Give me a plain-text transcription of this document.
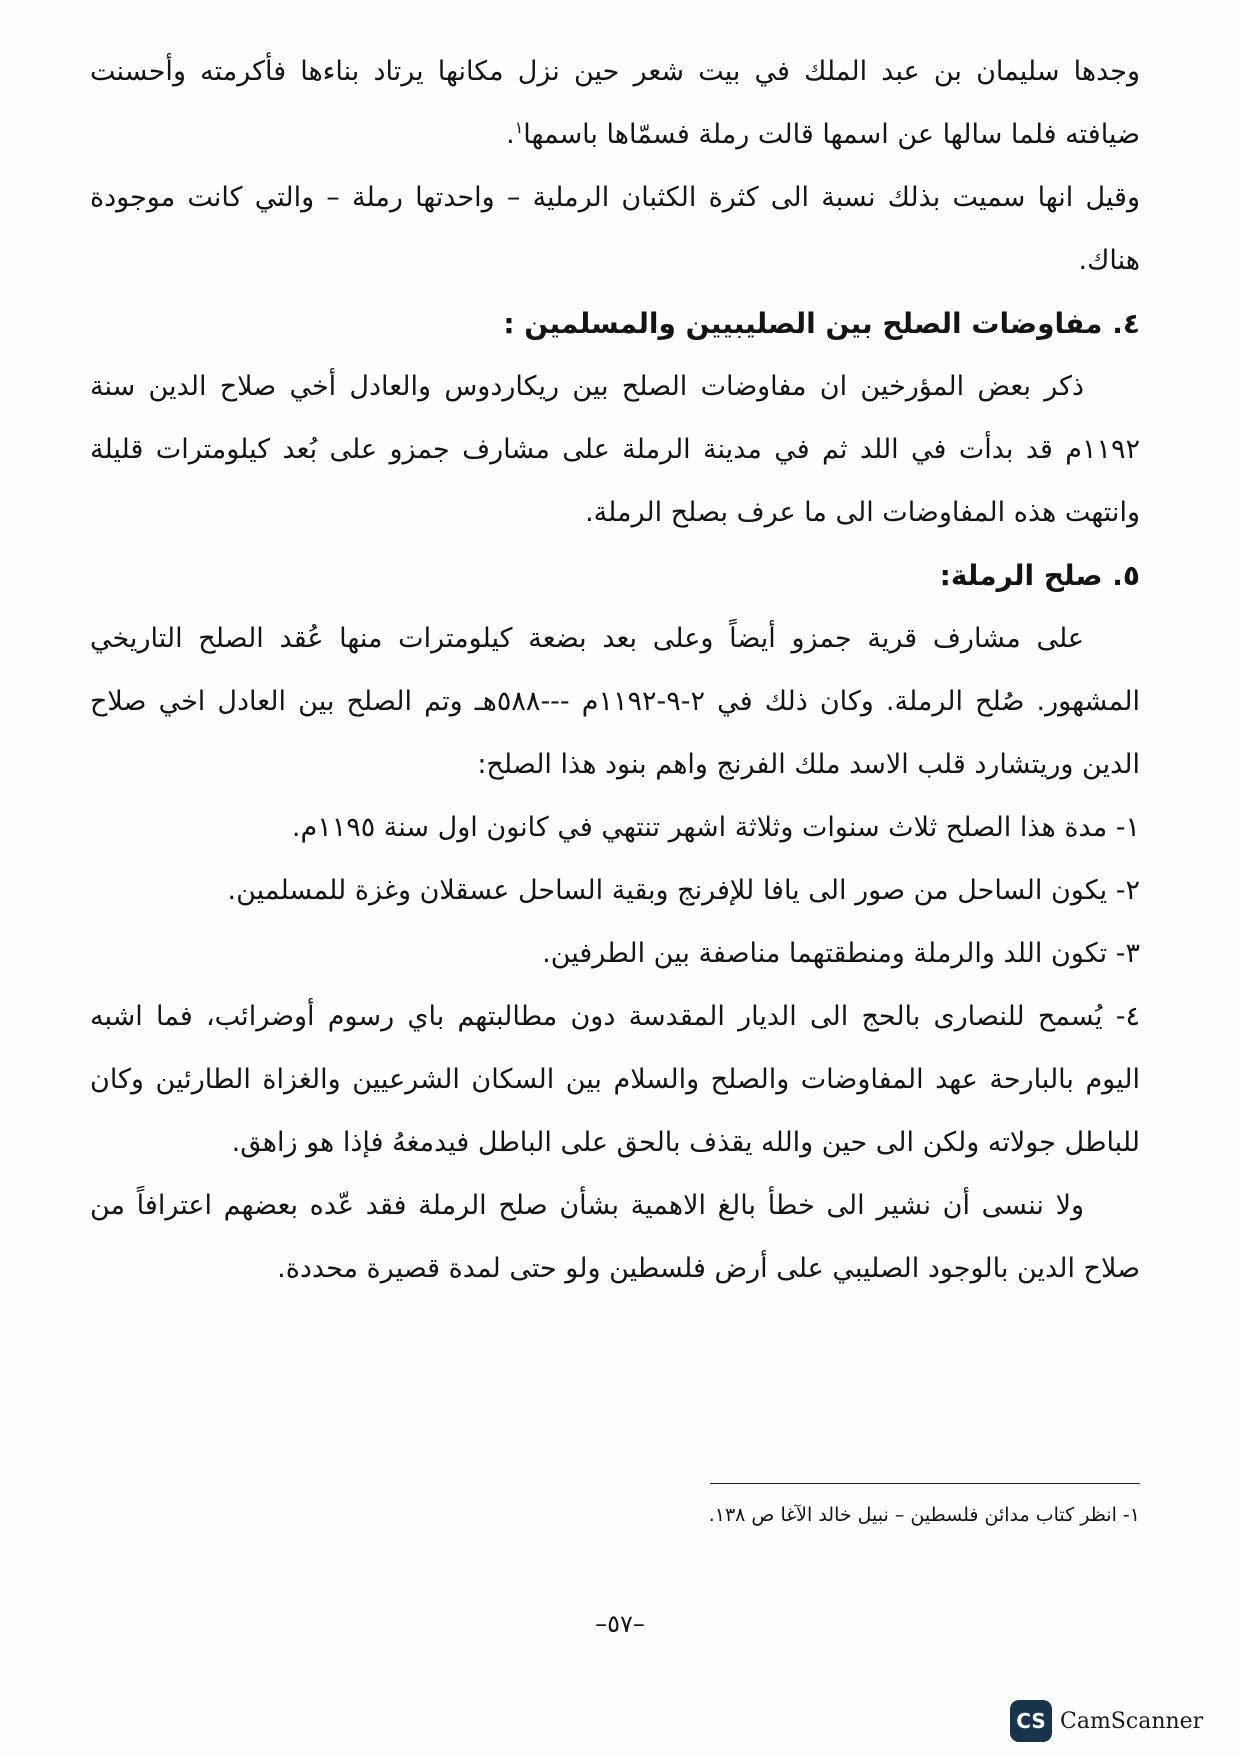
وجدها سليمان بن عبد الملك في بيت شعر حين نزل مكانها يرتاد بناءها فأكرمته وأحسنت ضيافته فلما سالها عن اسمها قالت رملة فسمّاها باسمها$^١$.

وقيل انها سميت بذلك نسبة الى كثرة الكثبان الرملية – واحدتها رملة – والتي كانت موجودة هناك.

٤. مفاوضات الصلح بين الصليبيين والمسلمين :

ذكر بعض المؤرخين ان مفاوضات الصلح بين ريكاردوس والعادل أخي صلاح الدين سنة ١١٩٢م قد بدأت في اللد ثم في مدينة الرملة على مشارف جمزو على بُعد كيلومترات قليلة وانتهت هذه المفاوضات الى ما عرف بصلح الرملة.

٥. صلح الرملة:

على مشارف قرية جمزو أيضاً وعلى بعد بضعة كيلومترات منها عُقد الصلح التاريخي المشهور. صُلح الرملة. وكان ذلك في ٢-٩-١١٩٢م ---٥٨٨هـ وتم الصلح بين العادل اخي صلاح الدين وريتشارد قلب الاسد ملك الفرنج واهم بنود هذا الصلح:

١- مدة هذا الصلح ثلاث سنوات وثلاثة اشهر تنتهي في كانون اول سنة ١١٩٥م.

٢- يكون الساحل من صور الى يافا للإفرنج وبقية الساحل عسقلان وغزة للمسلمين.

٣- تكون اللد والرملة ومنطقتهما مناصفة بين الطرفين.

٤- يُسمح للنصارى بالحج الى الديار المقدسة دون مطالبتهم باي رسوم أوضرائب، فما اشبه اليوم بالبارحة عهد المفاوضات والصلح والسلام بين السكان الشرعيين والغزاة الطارئين وكان للباطل جولاته ولكن الى حين والله يقذف بالحق على الباطل فيدمغهُ فإذا هو زاهق.

ولا ننسى أن نشير الى خطأ بالغ الاهمية بشأن صلح الرملة فقد عّده بعضهم اعترافاً من صلاح الدين بالوجود الصليبي على أرض فلسطين ولو حتى لمدة قصيرة محددة.

١- انظر كتاب مدائن فلسطين – نبيل خالد الآغا ص ١٣٨.
–٥٧–
CS CamScanner
